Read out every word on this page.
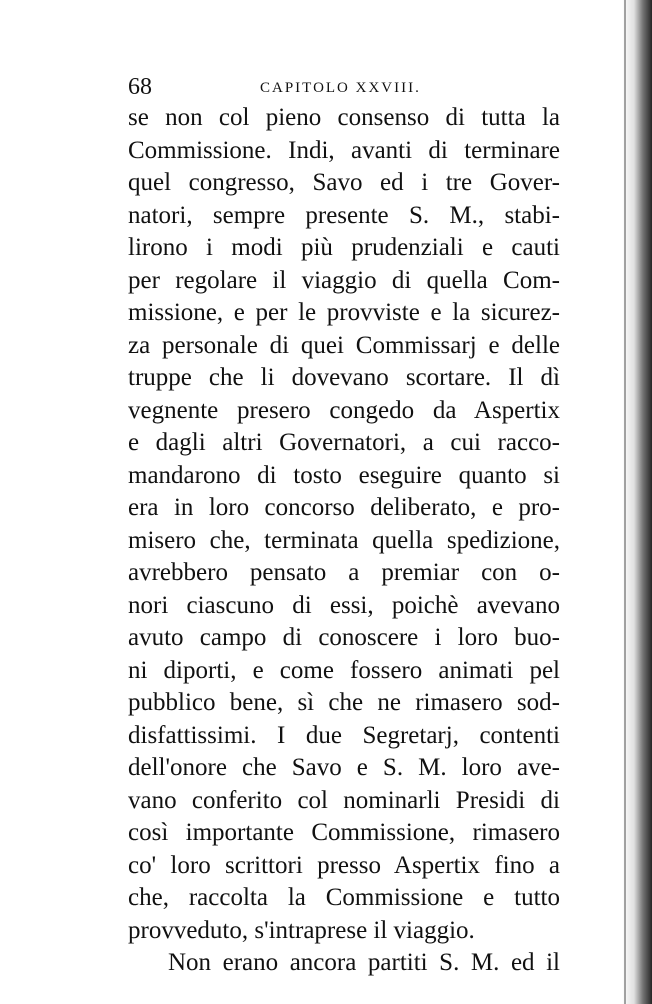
68	CAPITOLO XXVIII.
se non col pieno consenso di tutta la
Commissione. Indi, avanti di terminare
quel congresso, Savo ed i tre Gover-
natori, sempre presente S. M., stabi-
lirono i modi più prudenziali e cauti
per regolare il viaggio di quella Com-
missione, e per le provviste e la sicurez-
za personale di quei Commissarj e delle
truppe che li dovevano scortare. Il dì
vegnente presero congedo da Aspertix
e dagli altri Governatori, a cui racco-
mandarono di tosto eseguire quanto si
era in loro concorso deliberato, e pro-
misero che, terminata quella spedizione,
avrebbero pensato a premiar con o-
nori ciascuno di essi, poichè avevano
avuto campo di conoscere i loro buo-
ni diporti, e come fossero animati pel
pubblico bene, sì che ne rimasero sod-
disfattissimi. I due Segretarj, contenti
dell'onore che Savo e S. M. loro ave-
vano conferito col nominarli Presidi di
così importante Commissione, rimasero
co' loro scrittori presso Aspertix fino a
che, raccolta la Commissione e tutto
provveduto, s'intraprese il viaggio.
Non erano ancora partiti S. M. ed il
